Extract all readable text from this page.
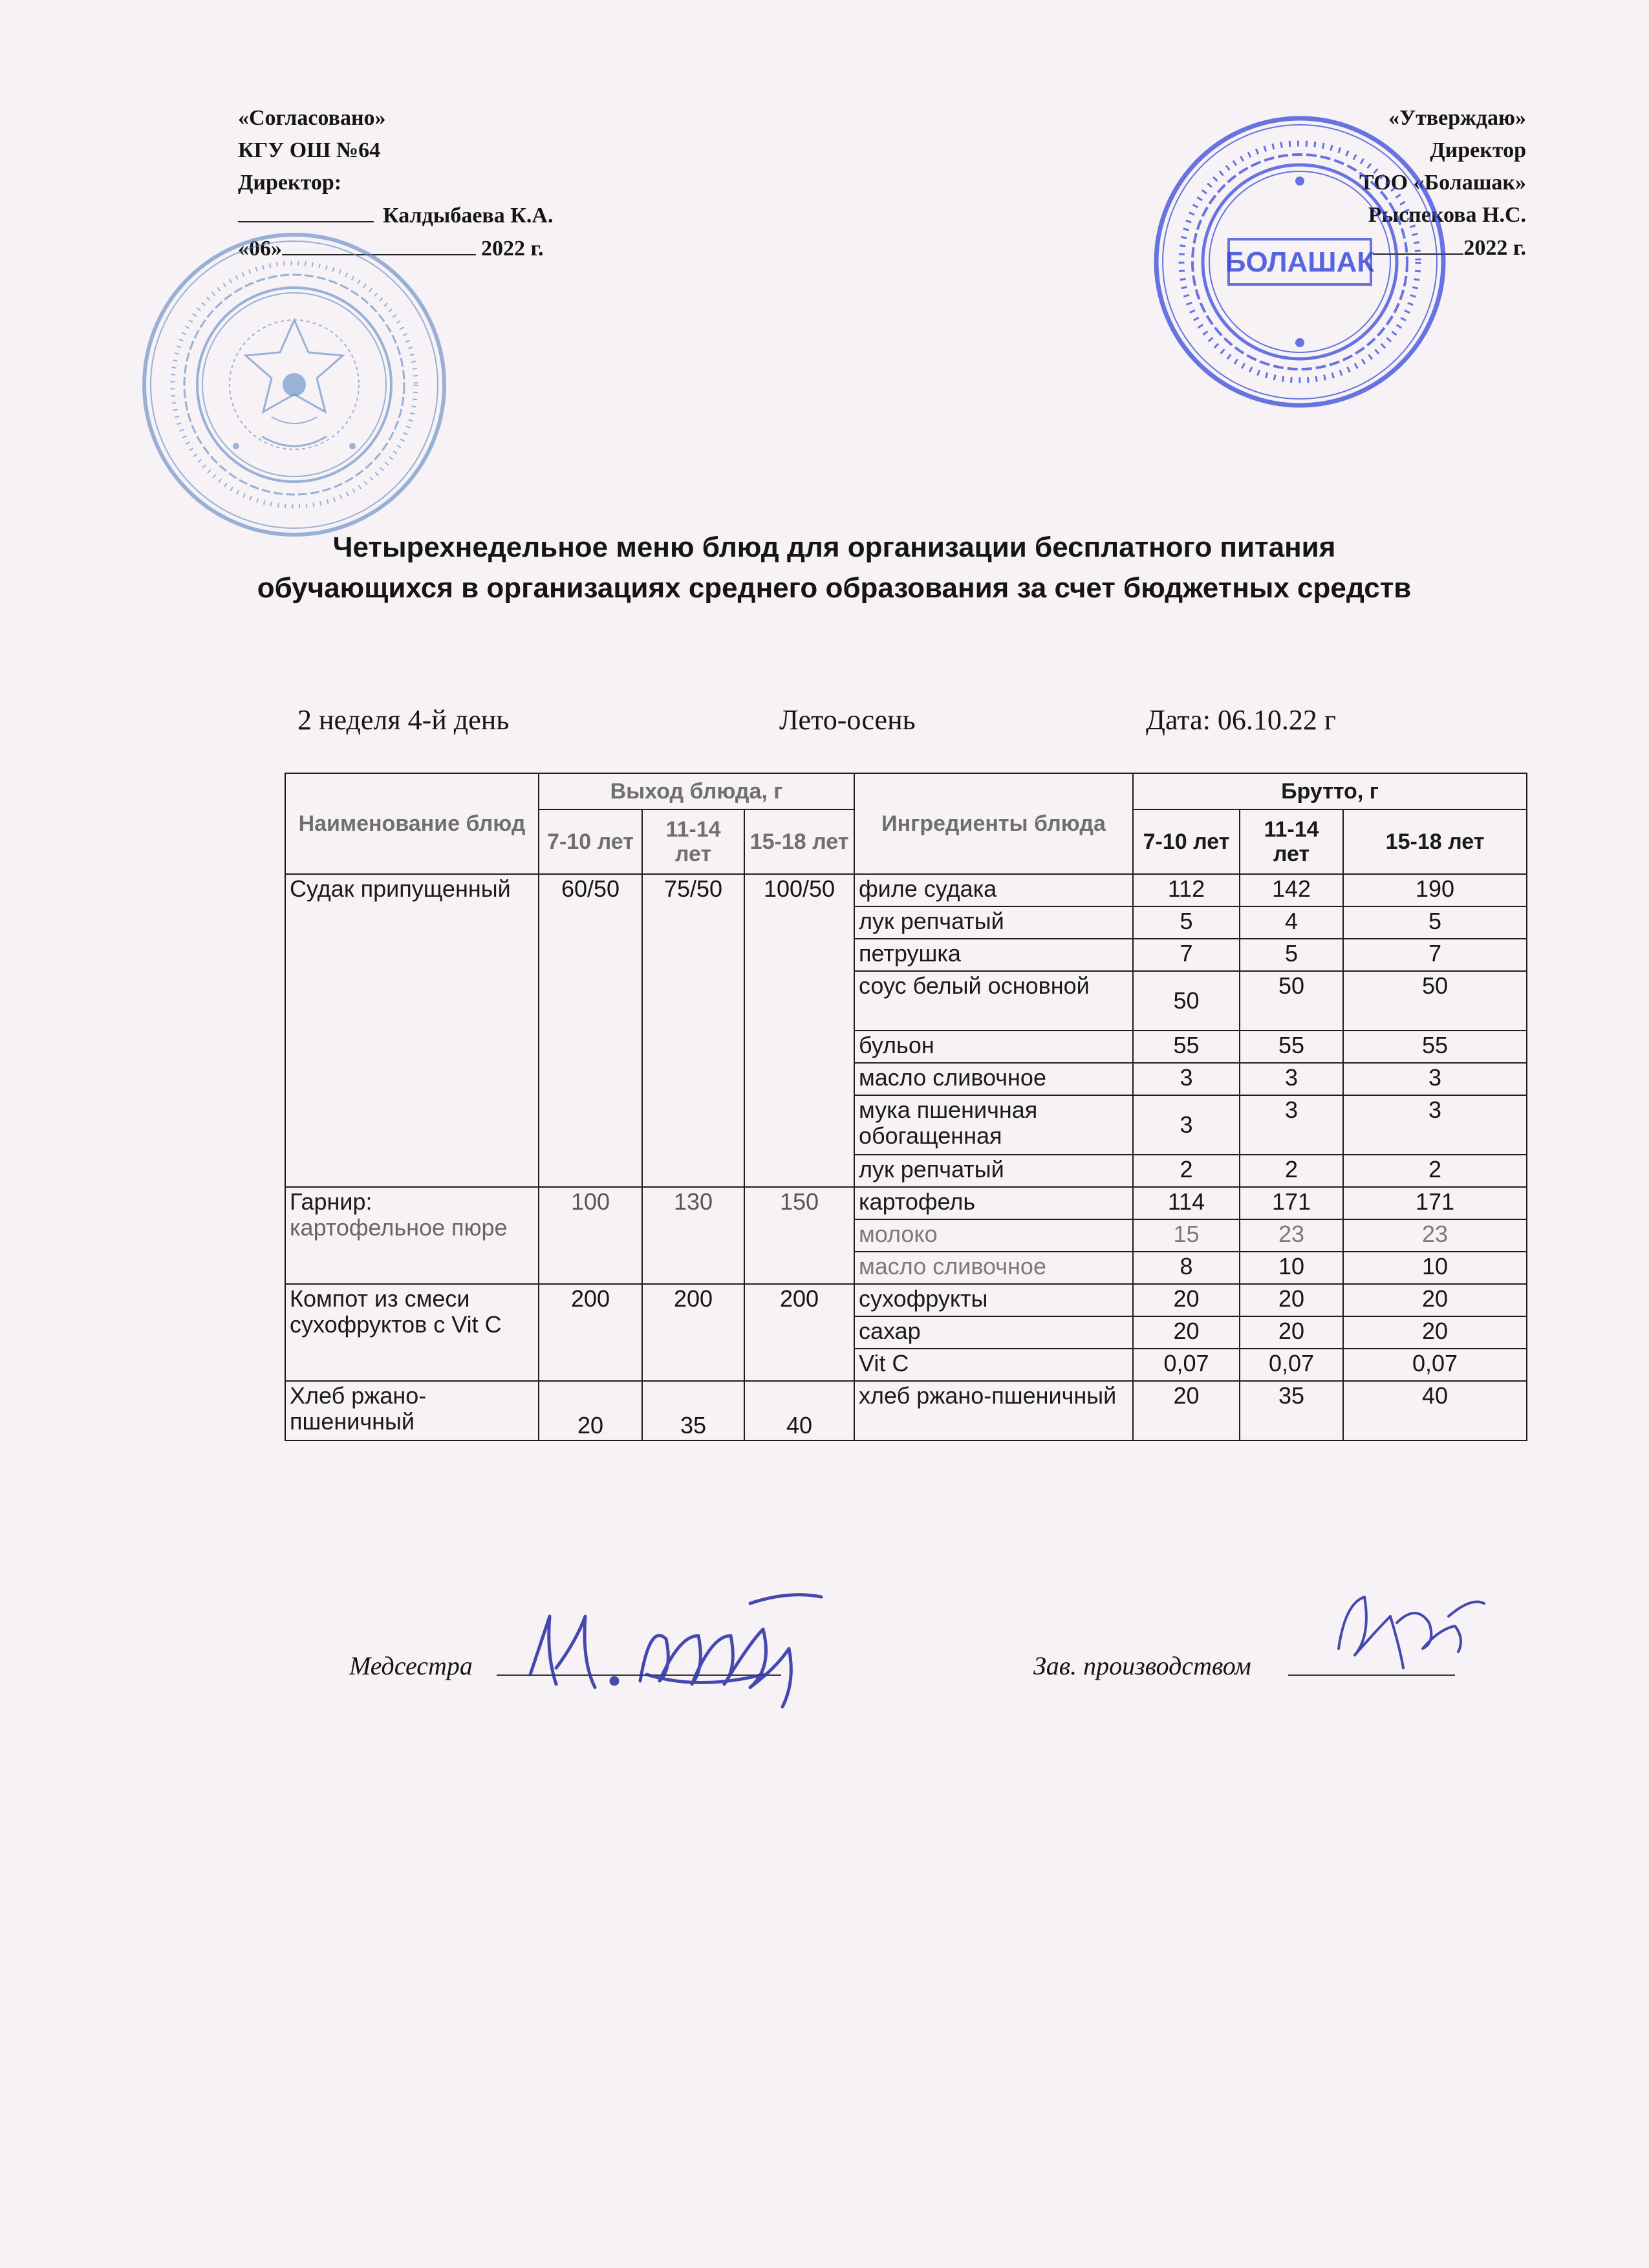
«Согласовано»
КГУ ОШ №64
Директор:
Калдыбаева К.А.
«06»	2022 г.
«Утверждаю»
Директор
ТОО «Болашак»
Рыспекова Н.С.
2022 г.
БОЛАШАК
Четырехнедельное меню блюд для организации бесплатного питания обучающихся в организациях среднего образования за счет бюджетных средств
2 неделя 4-й день	Лето-осень	Дата: 06.10.22 г
Наименование блюд	Выход блюда, г			Ингредиенты блюда	Брутто, г		
	7-10 лет	11-14 лет	15-18 лет		7-10 лет	11-14 лет	15-18 лет
Судак припущенный	60/50	75/50	100/50	филе судака	112	142	190
				лук репчатый	5	4	5
				петрушка	7	5	7
				соус белый основной	50	50	50
				бульон	55	55	55
				масло сливочное	3	3	3
				мука пшеничная обогащенная	3	3	3
				лук репчатый	2	2	2

Гарнир:
картофельное пюре	100	130	150	картофель	114	171	171
				молоко	15	23	23
				масло сливочное	8	10	10
Компот из смеси сухофруктов с Vit C	200	200	200	сухофрукты	20	20	20
				сахар	20	20	20
				Vit C	0,07	0,07	0,07
Хлеб ржано-пшеничный	20	35	40	хлеб ржано-пшеничный	20	35	40
Медсестра	Зав. производством
